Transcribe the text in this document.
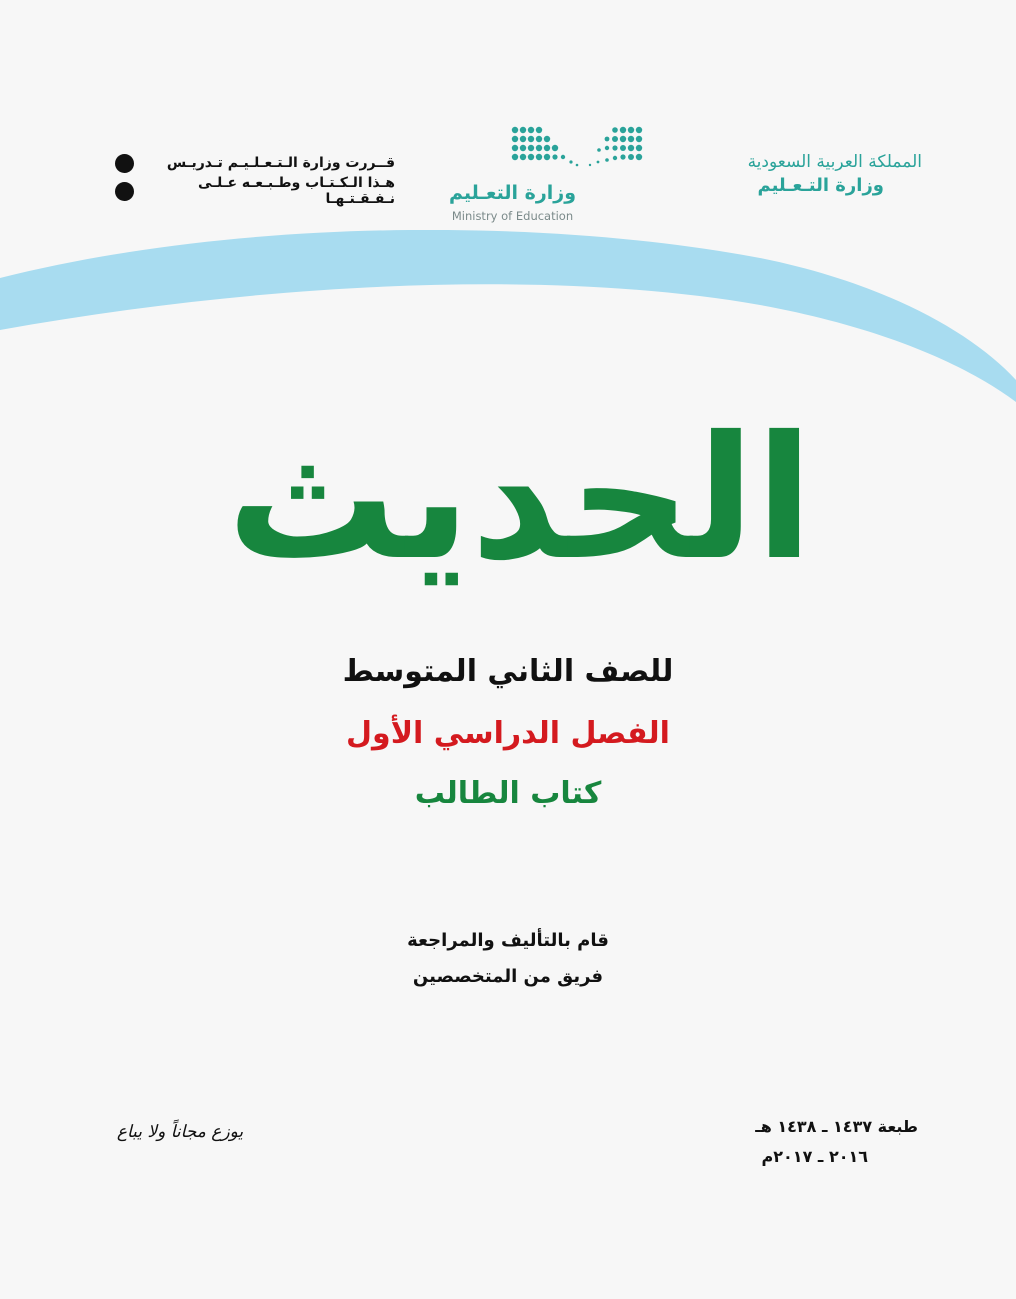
المملكة العربية السعودية
وزارة التـعـليم
وزارة التعـليم
Ministry of Education
قــررت وزارة الـتـعـلـيـم تـدريـس
هـذا الـكـتـاب وطـبـعـه عـلـى نـفـقـتـهـا
الحديث
للصف الثاني المتوسط
الفصل الدراسي الأول
كتاب الطالب
قام بالتأليف والمراجعة
فريق من المتخصصين
طبعة ١٤٣٧ ـ ١٤٣٨ هـ
٢٠١٦ ـ ٢٠١٧م
يوزع مجاناً ولا يباع
